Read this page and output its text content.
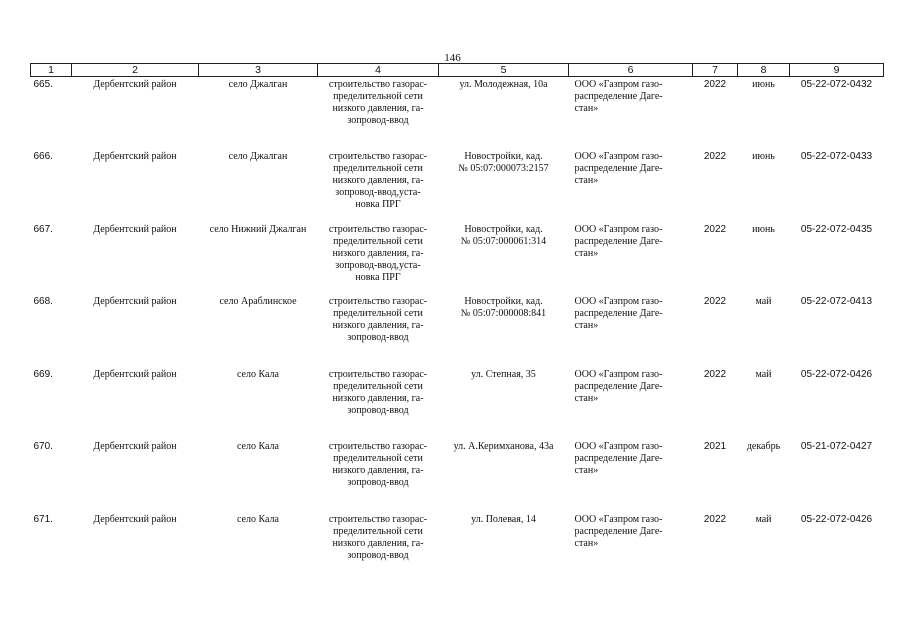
146
1	2	3	4	5	6	7	8	9
665.	Дербентский район	село Джалган	строительство газорас-
пределительной сети
низкого давления, га-
зопровод-ввод	ул. Молодежная, 10а	ООО «Газпром газо-
распределение Даге-
стан»	2022	июнь	05-22-072-0432
666.	Дербентский район	село Джалган	строительство газорас-
пределительной сети
низкого давления, га-
зопровод-ввод,уста-
новка ПРГ	Новостройки, кад.
№ 05:07:000073:2157	ООО «Газпром газо-
распределение Даге-
стан»	2022	июнь	05-22-072-0433
667.	Дербентский район	село Нижний Джалган	строительство газорас-
пределительной сети
низкого давления, га-
зопровод-ввод,уста-
новка ПРГ	Новостройки, кад.
№ 05:07:000061:314	ООО «Газпром газо-
распределение Даге-
стан»	2022	июнь	05-22-072-0435
668.	Дербентский район	село Араблинское	строительство газорас-
пределительной сети
низкого давления, га-
зопровод-ввод	Новостройки, кад.
№ 05:07:000008:841	ООО «Газпром газо-
распределение Даге-
стан»	2022	май	05-22-072-0413
669.	Дербентский район	село Кала	строительство газорас-
пределительной сети
низкого давления, га-
зопровод-ввод	ул. Степная, 35	ООО «Газпром газо-
распределение Даге-
стан»	2022	май	05-22-072-0426
670.	Дербентский район	село Кала	строительство газорас-
пределительной сети
низкого давления, га-
зопровод-ввод	ул. А.Керимханова, 43а	ООО «Газпром газо-
распределение Даге-
стан»	2021	декабрь	05-21-072-0427
671.	Дербентский район	село Кала	строительство газорас-
пределительной сети
низкого давления, га-
зопровод-ввод	ул. Полевая, 14	ООО «Газпром газо-
распределение Даге-
стан»	2022	май	05-22-072-0426
